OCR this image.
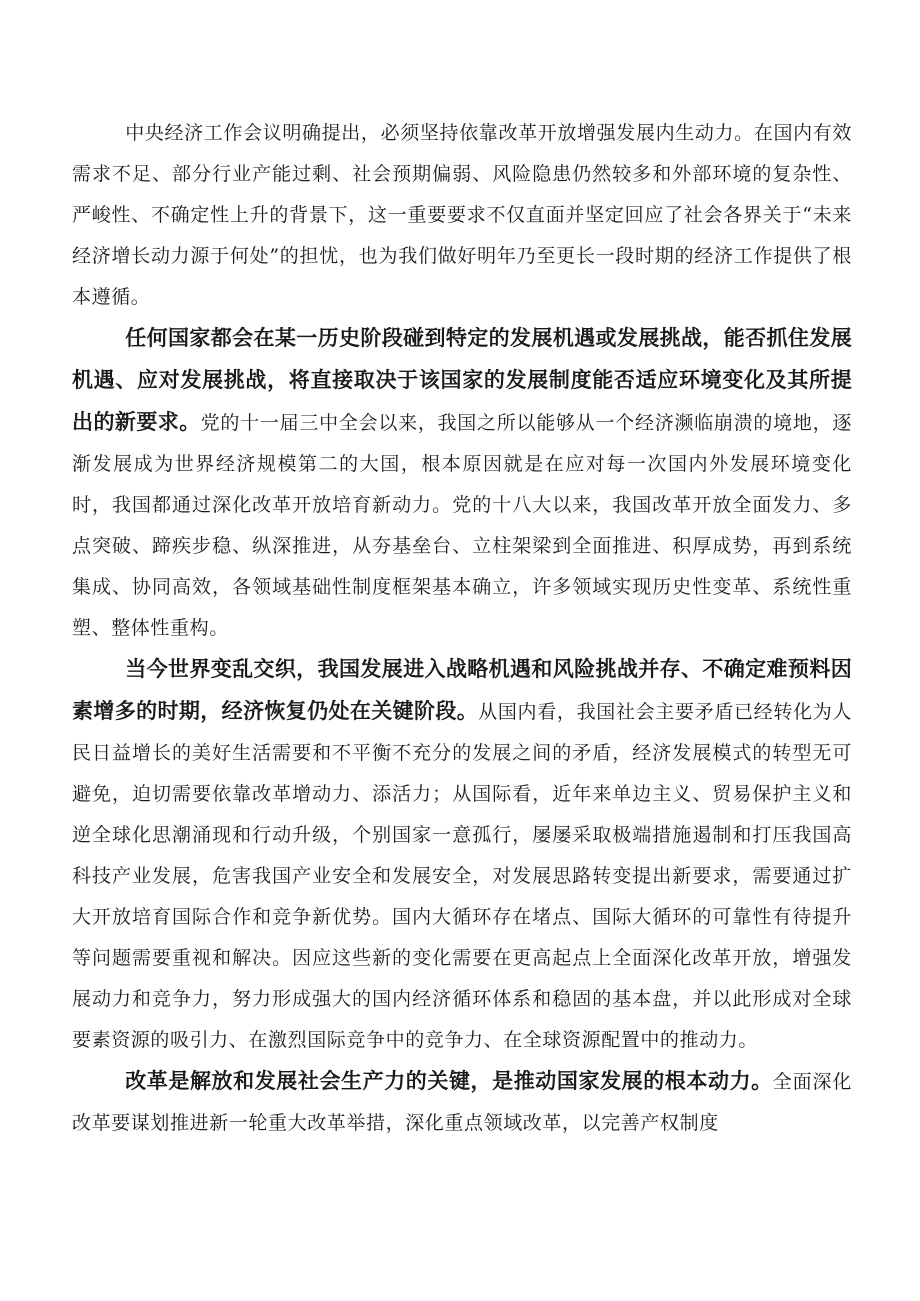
中央经济工作会议明确提出，必须坚持依靠改革开放增强发展内生动力。在国内有效需求不足、部分行业产能过剩、社会预期偏弱、风险隐患仍然较多和外部环境的复杂性、严峻性、不确定性上升的背景下，这一重要要求不仅直面并坚定回应了社会各界关于“未来经济增长动力源于何处”的担忧，也为我们做好明年乃至更长一段时期的经济工作提供了根本遵循。

任何国家都会在某一历史阶段碰到特定的发展机遇或发展挑战，能否抓住发展机遇、应对发展挑战，将直接取决于该国家的发展制度能否适应环境变化及其所提出的新要求。党的十一届三中全会以来，我国之所以能够从一个经济濒临崩溃的境地，逐渐发展成为世界经济规模第二的大国，根本原因就是在应对每一次国内外发展环境变化时，我国都通过深化改革开放培育新动力。党的十八大以来，我国改革开放全面发力、多点突破、蹄疾步稳、纵深推进，从夯基垒台、立柱架梁到全面推进、积厚成势，再到系统集成、协同高效，各领域基础性制度框架基本确立，许多领域实现历史性变革、系统性重塑、整体性重构。

当今世界变乱交织，我国发展进入战略机遇和风险挑战并存、不确定难预料因素增多的时期，经济恢复仍处在关键阶段。从国内看，我国社会主要矛盾已经转化为人民日益增长的美好生活需要和不平衡不充分的发展之间的矛盾，经济发展模式的转型无可避免，迫切需要依靠改革增动力、添活力；从国际看，近年来单边主义、贸易保护主义和逆全球化思潮涌现和行动升级，个别国家一意孤行，屡屡采取极端措施遏制和打压我国高科技产业发展，危害我国产业安全和发展安全，对发展思路转变提出新要求，需要通过扩大开放培育国际合作和竞争新优势。国内大循环存在堵点、国际大循环的可靠性有待提升等问题需要重视和解决。因应这些新的变化需要在更高起点上全面深化改革开放，增强发展动力和竞争力，努力形成强大的国内经济循环体系和稳固的基本盘，并以此形成对全球要素资源的吸引力、在激烈国际竞争中的竞争力、在全球资源配置中的推动力。

改革是解放和发展社会生产力的关键，是推动国家发展的根本动力。全面深化改革要谋划推进新一轮重大改革举措，深化重点领域改革，以完善产权制度
